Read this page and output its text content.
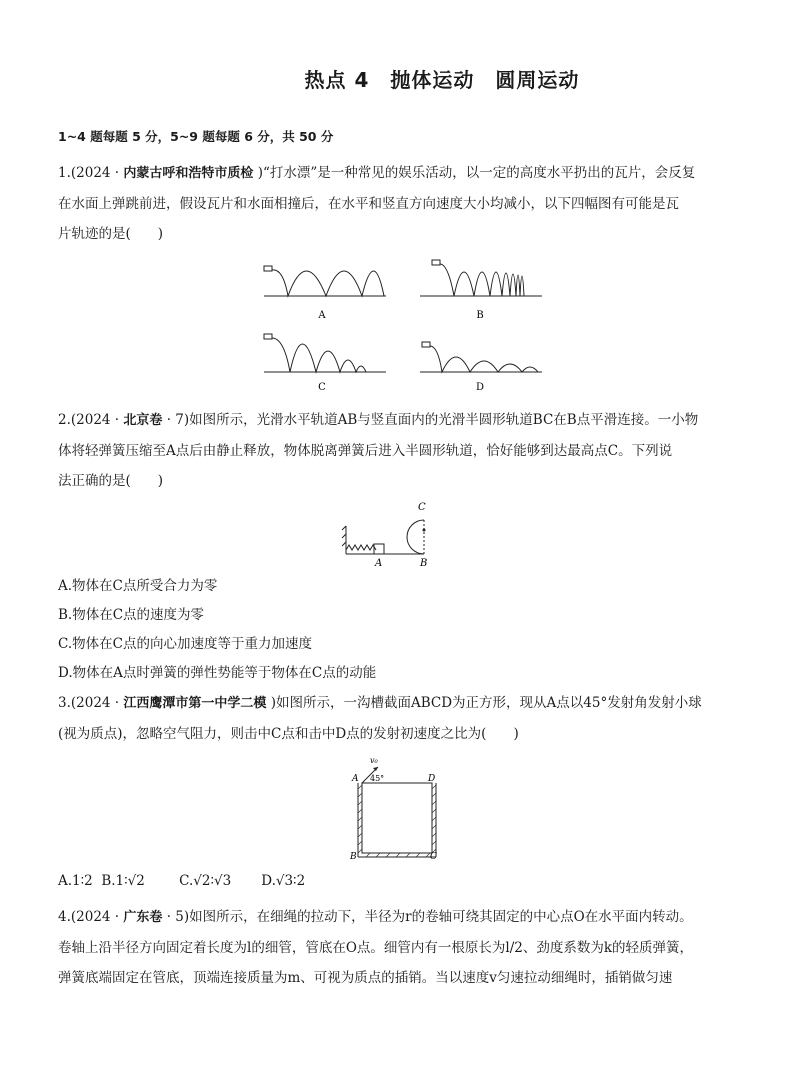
热点 4　抛体运动　圆周运动
1~4 题每题 5 分，5~9 题每题 6 分，共 50 分
1.(2024 · 内蒙古呼和浩特市质检 )“打水漂”是一种常见的娱乐活动，以一定的高度水平扔出的瓦片，会反复
在水面上弹跳前进，假设瓦片和水面相撞后，在水平和竖直方向速度大小均减小，以下四幅图有可能是瓦
片轨迹的是(　　)
A	B
C	D
2.(2024 · 北京卷 · 7)如图所示，光滑水平轨道AB与竖直面内的光滑半圆形轨道BC在B点平滑连接。一小物
体将轻弹簧压缩至A点后由静止释放，物体脱离弹簧后进入半圆形轨道，恰好能够到达最高点C。下列说
法正确的是(　　)
C
A	B
A.物体在C点所受合力为零
B.物体在C点的速度为零
C.物体在C点的向心加速度等于重力加速度
D.物体在A点时弹簧的弹性势能等于物体在C点的动能
3.(2024 · 江西鹰潭市第一中学二模 )如图所示，一沟槽截面ABCD为正方形，现从A点以45°发射角发射小球
(视为质点)，忽略空气阻力，则击中C点和击中D点的发射初速度之比为(　　)
v₀
45°
A	D
B	C
A.1∶2  B.1∶√2        C.√2∶√3       D.√3∶2
4.(2024 · 广东卷 · 5)如图所示，在细绳的拉动下，半径为r的卷轴可绕其固定的中心点O在水平面内转动。
卷轴上沿半径方向固定着长度为l的细管，管底在O点。细管内有一根原长为l/2、劲度系数为k的轻质弹簧，
弹簧底端固定在管底，顶端连接质量为m、可视为质点的插销。当以速度v匀速拉动细绳时，插销做匀速
